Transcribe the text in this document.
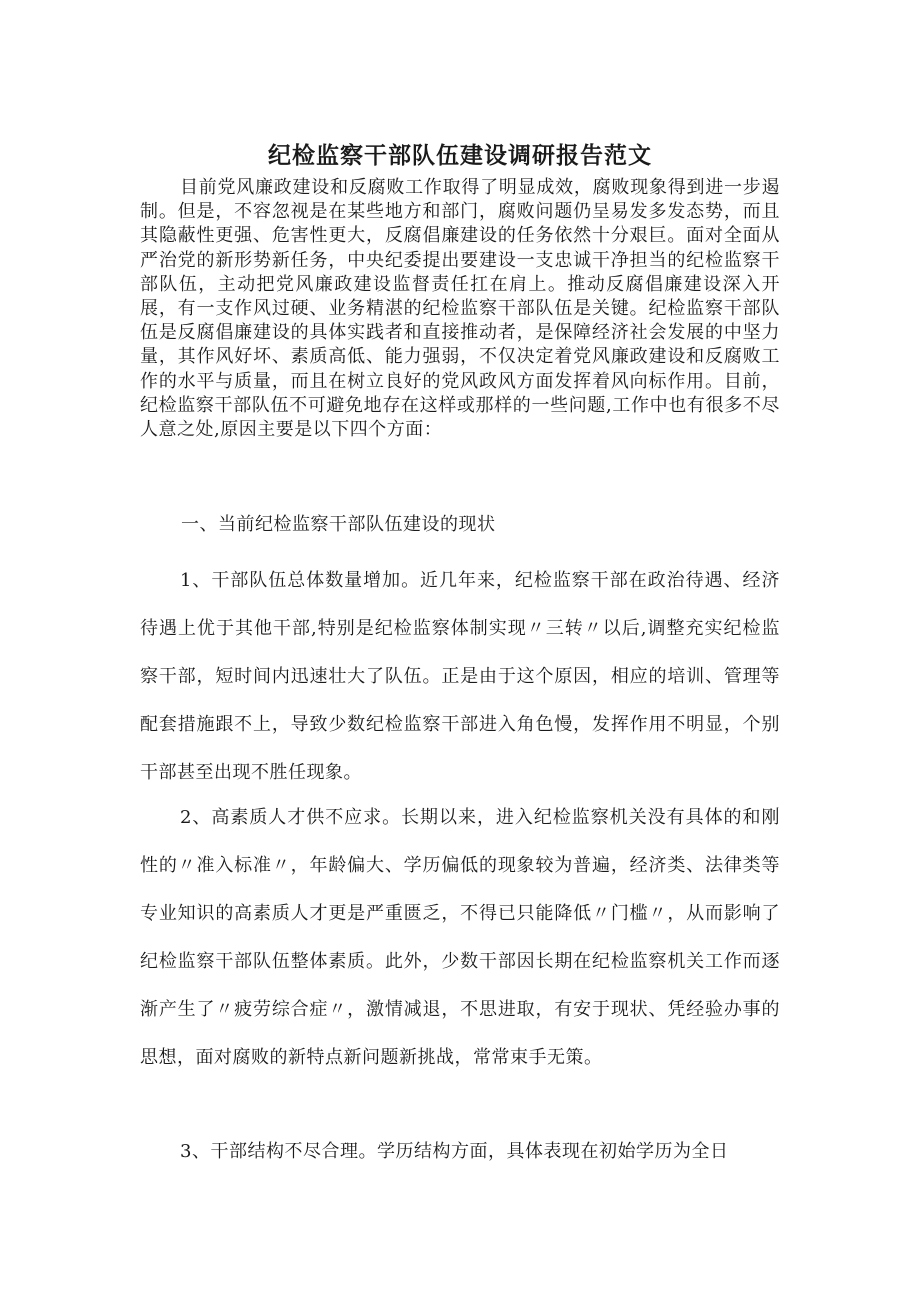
纪检监察干部队伍建设调研报告范文

目前党风廉政建设和反腐败工作取得了明显成效，腐败现象得到进一步遏制。但是，不容忽视是在某些地方和部门，腐败问题仍呈易发多发态势，而且其隐蔽性更强、危害性更大，反腐倡廉建设的任务依然十分艰巨。面对全面从严治党的新形势新任务，中央纪委提出要建设一支忠诚干净担当的纪检监察干部队伍，主动把党风廉政建设监督责任扛在肩上。推动反腐倡廉建设深入开展，有一支作风过硬、业务精湛的纪检监察干部队伍是关键。纪检监察干部队伍是反腐倡廉建设的具体实践者和直接推动者，是保障经济社会发展的中坚力量，其作风好坏、素质高低、能力强弱，不仅决定着党风廉政建设和反腐败工作的水平与质量，而且在树立良好的党风政风方面发挥着风向标作用。目前，纪检监察干部队伍不可避免地存在这样或那样的一些问题,工作中也有很多不尽人意之处,原因主要是以下四个方面：

一、当前纪检监察干部队伍建设的现状

1、干部队伍总体数量增加。近几年来，纪检监察干部在政治待遇、经济待遇上优于其他干部,特别是纪检监察体制实现〃三转〃以后,调整充实纪检监察干部，短时间内迅速壮大了队伍。正是由于这个原因，相应的培训、管理等配套措施跟不上，导致少数纪检监察干部进入角色慢，发挥作用不明显，个别干部甚至出现不胜任现象。

2、高素质人才供不应求。长期以来，进入纪检监察机关没有具体的和刚性的〃准入标准〃，年龄偏大、学历偏低的现象较为普遍，经济类、法律类等专业知识的高素质人才更是严重匮乏，不得已只能降低〃门槛〃，从而影响了纪检监察干部队伍整体素质。此外，少数干部因长期在纪检监察机关工作而逐渐产生了〃疲劳综合症〃，激情减退，不思进取，有安于现状、凭经验办事的思想，面对腐败的新特点新问题新挑战，常常束手无策。

3、干部结构不尽合理。学历结构方面，具体表现在初始学历为全日
